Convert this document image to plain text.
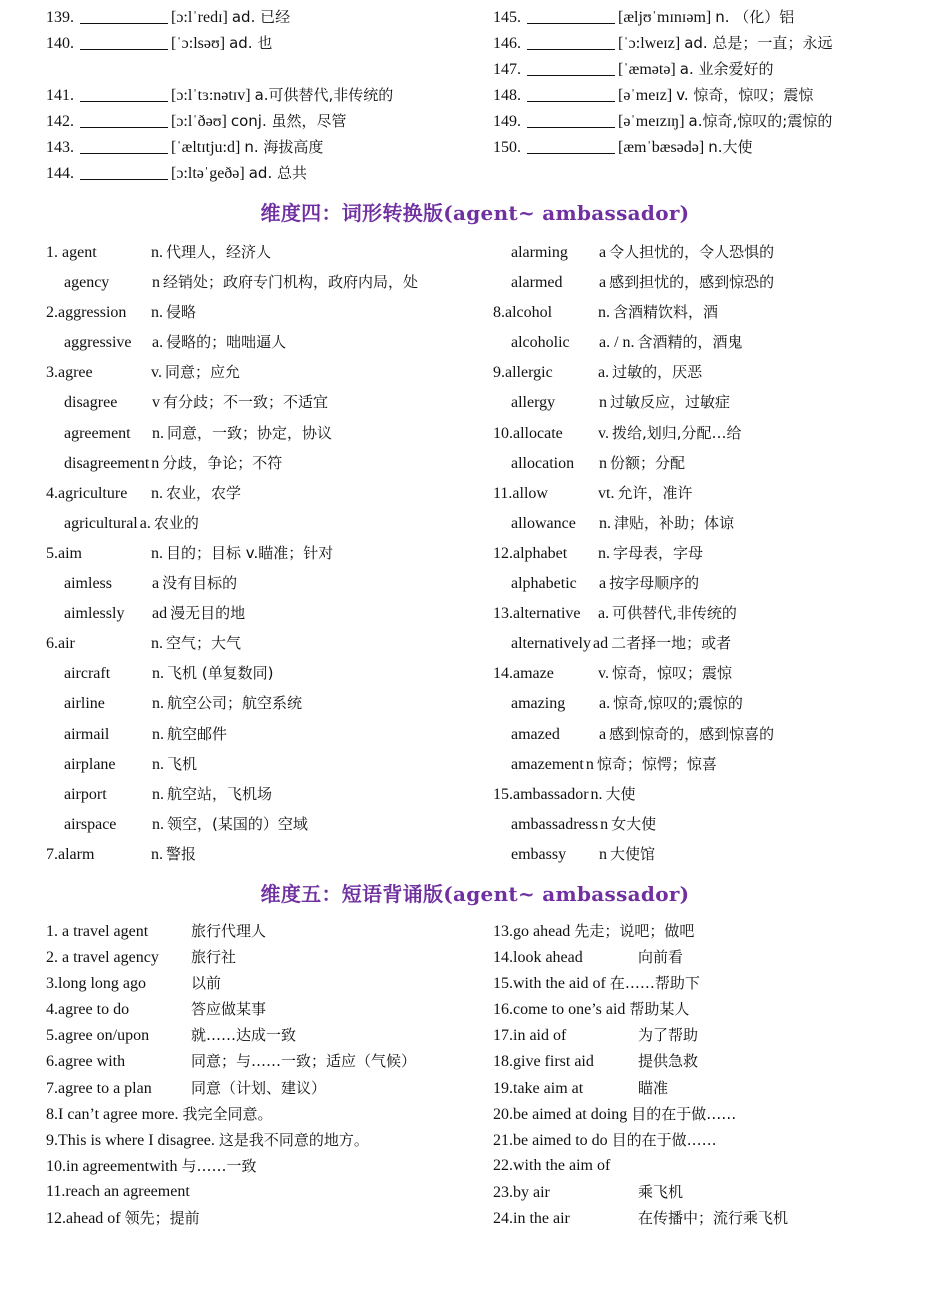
139.	[ɔ:lˈredɪ] ad. 已经
140.	[ˈɔ:lsəʊ] ad. 也
141.	[ɔ:lˈtɜ:nətɪv] a.可供替代,非传统的
142.	[ɔ:lˈðəʊ] conj. 虽然，尽管
143.	[ˈæltɪtju:d] n. 海拔高度
144.	[ɔ:ltəˈgeðə] ad. 总共
145.	[æljʊˈmɪnɪəm] n. （化）铝
146.	[ˈɔ:lweɪz] ad. 总是；一直；永远
147.	[ˈæmətə] a. 业余爱好的
148.	[əˈmeɪz] v. 惊奇，惊叹；震惊
149.	[əˈmeɪzɪŋ] a.惊奇,惊叹的;震惊的
150.	[æmˈbæsədə] n.大使
维度四：词形转换版(agent~ ambassador)
1. agent	n. 代理人，经济人
agency	n 经销处；政府专门机构，政府内局，处
2.aggression n. 侵略
aggressive a. 侵略的；咄咄逼人
3.agree	v. 同意；应允
disagree v 有分歧；不一致；不适宜
agreement n. 同意，一致；协定，协议
disagreement n 分歧，争论；不符
4.agriculture n. 农业，农学
agricultural a. 农业的
5.aim	n. 目的；目标 v.瞄准；针对
aimless	a 没有目标的
aimlessly ad 漫无目的地
6.air	n. 空气；大气
aircraft	n. 飞机 (单复数同)
airline	n. 航空公司；航空系统
airmail	n. 航空邮件
airplane n. 飞机
airport	n. 航空站，飞机场
airspace n. 领空，(某国的）空域
7.alarm	n. 警报
alarming a 令人担忧的，令人恐惧的
alarmed a 感到担忧的，感到惊恐的
8.alcohol	n. 含酒精饮料，酒
alcoholic a. / n. 含酒精的，酒鬼
9.allergic	a. 过敏的，厌恶
allergy	n 过敏反应，过敏症
10.allocate v. 拨给,划归,分配…给
allocation n 份额；分配
11.allow	vt. 允许，准许
allowance n. 津贴，补助；体谅
12.alphabet n. 字母表，字母
alphabetic a 按字母顺序的
13.alternative a. 可供替代,非传统的
alternatively ad 二者择一地；或者
14.amaze	v. 惊奇，惊叹；震惊
amazing a. 惊奇,惊叹的;震惊的
amazed a 感到惊奇的，感到惊喜的
amazement n 惊奇；惊愕；惊喜
15.ambassador n. 大使
ambassadress n 女大使
embassy n 大使馆
维度五：短语背诵版(agent~ ambassador)
1. a travel agent	旅行代理人
2. a travel agency 旅行社
3.long long ago	以前
4.agree to do	答应做某事
5.agree on/upon	就……达成一致
6.agree with	同意；与……一致；适应（气候）
7.agree to a plan	同意（计划、建议）
8.I can’t agree more. 我完全同意。
9.This is where I disagree. 这是我不同意的地方。
10.in agreementwith 与……一致
11.reach an agreement
12.ahead of 领先；提前
13.go ahead 先走；说吧；做吧
14.look ahead	向前看
15.with the aid of 在……帮助下
16.come to one’s aid 帮助某人
17.in aid of	为了帮助
18.give first aid	提供急救
19.take aim at	瞄准
20.be aimed at doing 目的在于做……
21.be aimed to do 目的在于做……
22.with the aim of
23.by air	乘飞机
24.in the air	在传播中；流行乘飞机
